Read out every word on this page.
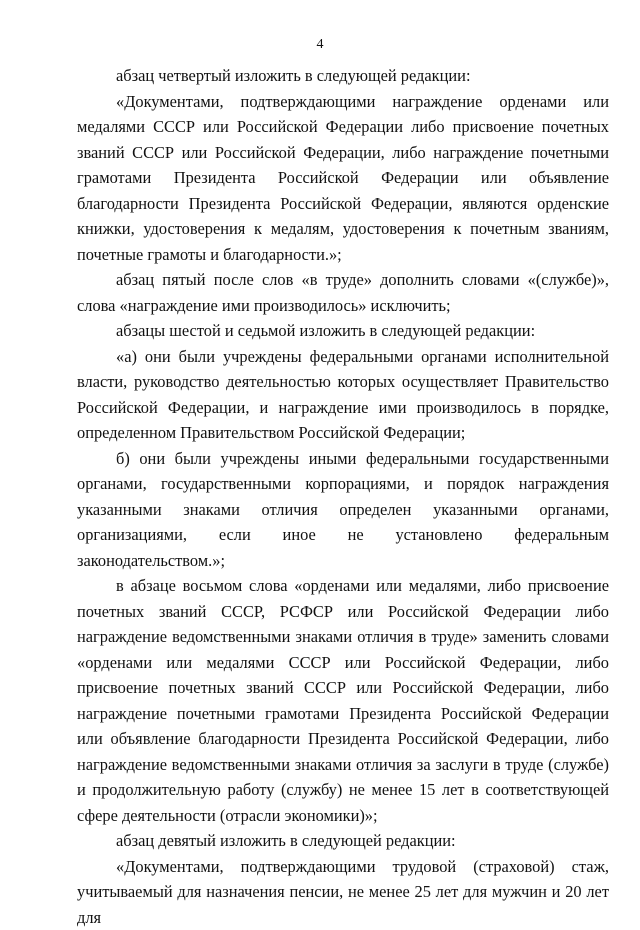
4

абзац четвертый изложить в следующей редакции:

«Документами, подтверждающими награждение орденами или медалями СССР или Российской Федерации либо присвоение почетных званий СССР или Российской Федерации, либо награждение почетными грамотами Президента Российской Федерации или объявление благодарности Президента Российской Федерации, являются орденские книжки, удостоверения к медалям, удостоверения к почетным званиям, почетные грамоты и благодарности.»;

абзац пятый после слов «в труде» дополнить словами «(службе)», слова «награждение ими производилось» исключить;

абзацы шестой и седьмой изложить в следующей редакции:

«а) они были учреждены федеральными органами исполнительной власти, руководство деятельностью которых осуществляет Правительство Российской Федерации, и награждение ими производилось в порядке, определенном Правительством Российской Федерации;

б) они были учреждены иными федеральными государственными органами, государственными корпорациями, и порядок награждения указанными знаками отличия определен указанными органами, организациями, если иное не установлено федеральным законодательством.»;

в абзаце восьмом слова «орденами или медалями, либо присвоение почетных званий СССР, РСФСР или Российской Федерации либо награждение ведомственными знаками отличия в труде» заменить словами «орденами или медалями СССР или Российской Федерации, либо присвоение почетных званий СССР или Российской Федерации, либо награждение почетными грамотами Президента Российской Федерации или объявление благодарности Президента Российской Федерации, либо награждение ведомственными знаками отличия за заслуги в труде (службе) и продолжительную работу (службу) не менее 15 лет в соответствующей сфере деятельности (отрасли экономики)»;

абзац девятый изложить в следующей редакции:

«Документами, подтверждающими трудовой (страховой) стаж, учитываемый для назначения пенсии, не менее 25 лет для мужчин и 20 лет для
